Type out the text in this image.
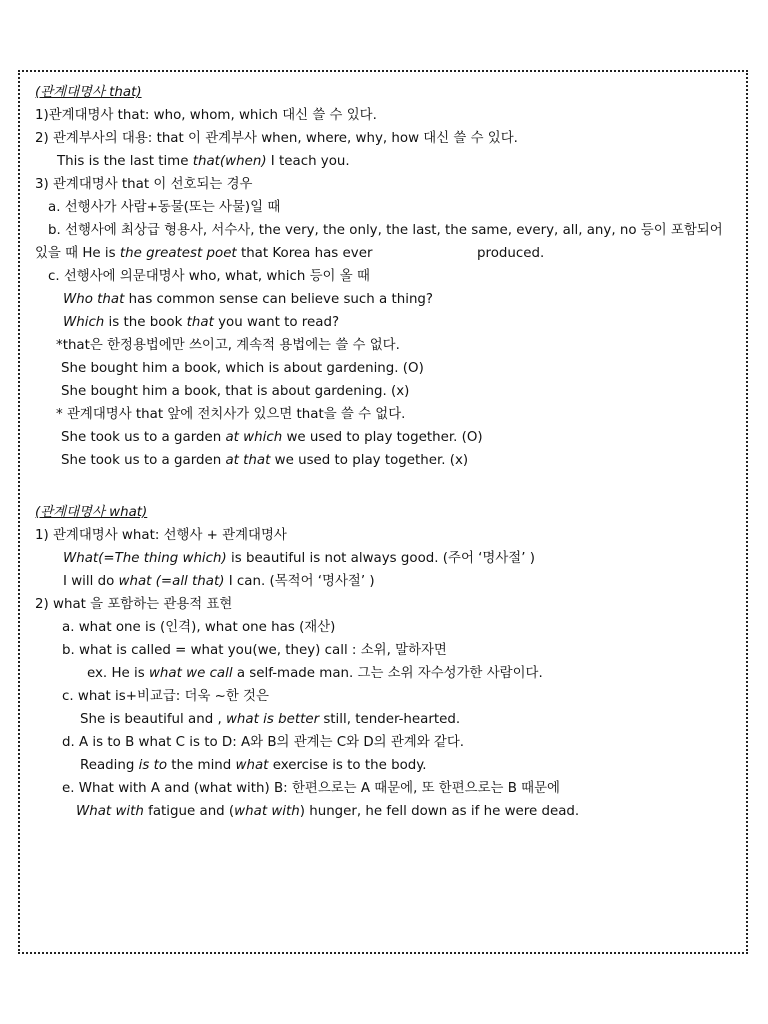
(관계대명사 that)
1)관계대명사 that: who, whom, which 대신 쓸 수 있다.
2) 관계부사의 대용: that 이 관계부사 when, where, why, how 대신 쓸 수 있다.
This is the last time that(when) I teach you.
3) 관계대명사 that 이 선호되는 경우
a. 선행사가 사람+동물(또는 사물)일 때
b. 선행사에 최상급 형용사, 서수사, the very, the only, the last, the same, every, all, any, no 등이 포함되어
있을 때 He is the greatest poet that Korea has ever	produced.
c. 선행사에 의문대명사 who, what, which 등이 올 때
Who that has common sense can believe such a thing?
Which is the book that you want to read?
*that은 한정용법에만 쓰이고, 계속적 용법에는 쓸 수 없다.
She bought him a book, which is about gardening. (O)
She bought him a book, that is about gardening. (x)
* 관계대명사 that 앞에 전치사가 있으면 that을 쓸 수 없다.
She took us to a garden at which we used to play together. (O)
She took us to a garden at that we used to play together. (x)
(관계대명사 what)
1) 관계대명사 what: 선행사 + 관계대명사
What(=The thing which) is beautiful is not always good. (주어 ‘명사절’ )
I will do what (=all that) I can. (목적어 ‘명사절’ )
2) what 을 포함하는 관용적 표현
a. what one is (인격), what one has (재산)
b. what is called = what you(we, they) call : 소위, 말하자면
ex. He is what we call a self-made man. 그는 소위 자수성가한 사람이다.
c. what is+비교급: 더욱 ~한 것은
She is beautiful and , what is better still, tender-hearted.
d. A is to B what C is to D: A와 B의 관계는 C와 D의 관계와 같다.
Reading is to the mind what exercise is to the body.
e. What with A and (what with) B: 한편으로는 A 때문에, 또 한편으로는 B 때문에
What with fatigue and (what with) hunger, he fell down as if he were dead.
